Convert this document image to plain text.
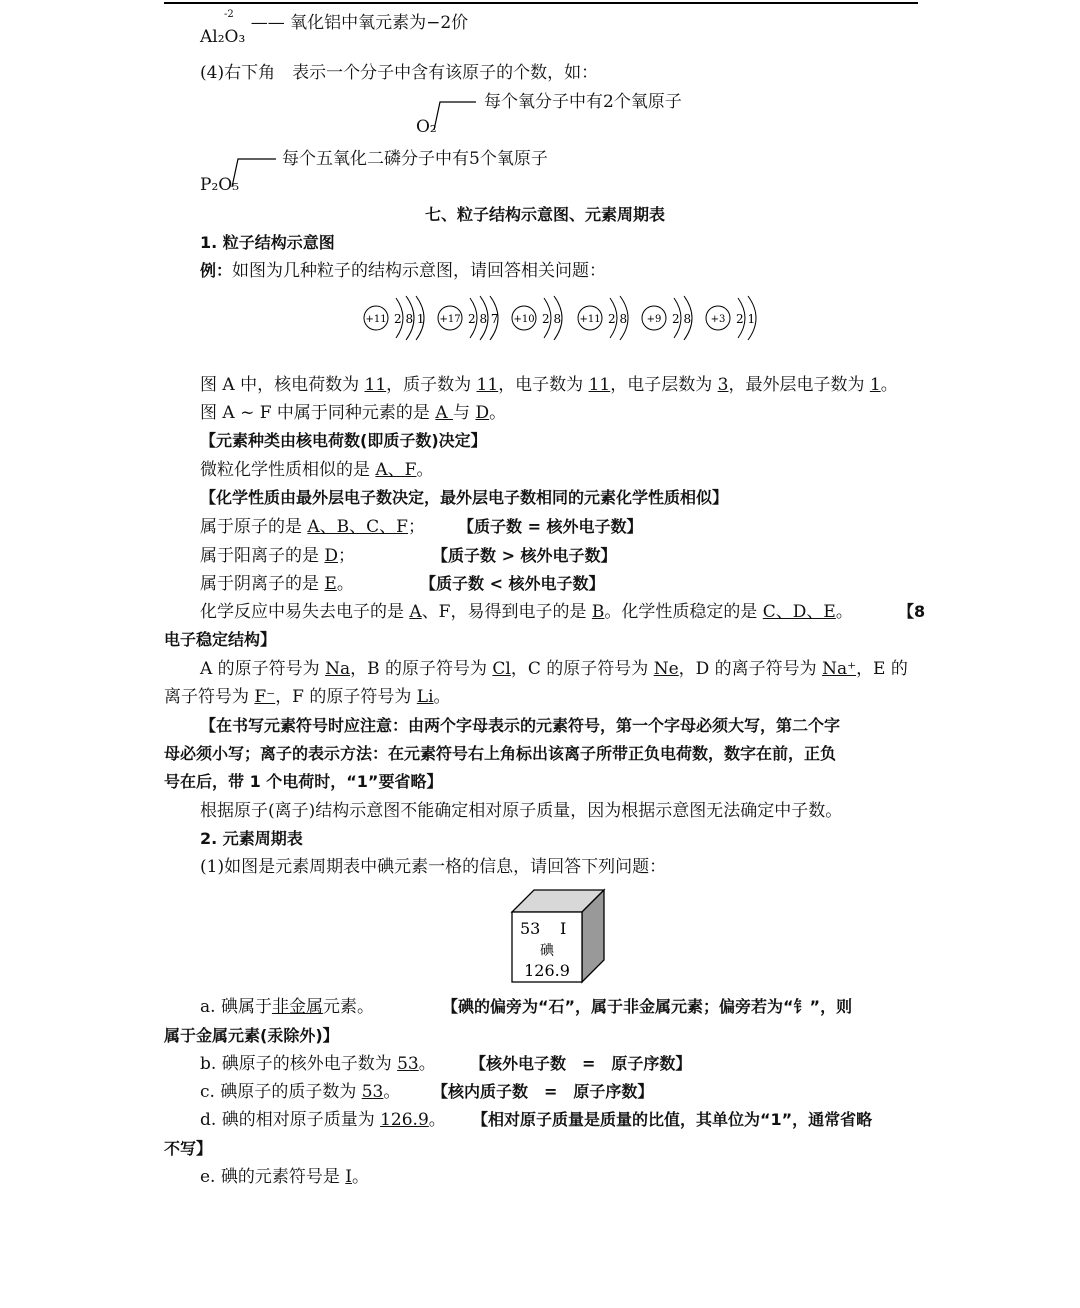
-2
Al₂O₃ —— 氧化铝中氧元素为−2价
(4)右下角　表示一个分子中含有该原子的个数，如：
O₂
每个氧分子中有2个氧原子
P₂O₅
每个五氧化二磷分子中有5个氧原子
七、粒子结构示意图、元素周期表
1. 粒子结构示意图
例：如图为几种粒子的结构示意图，请回答相关问题：
+11 2 8 1 +17 2 8 7 +10 2 8 +11 2 8 +9 2 8 +3 2 1
图 A 中，核电荷数为 11，质子数为 11，电子数为 11，电子层数为 3，最外层电子数为 1。
图 A ~ F 中属于同种元素的是 A 与 D。
【元素种类由核电荷数(即质子数)决定】
微粒化学性质相似的是 A、F。
【化学性质由最外层电子数决定，最外层电子数相同的元素化学性质相似】
属于原子的是 A、B、C、F； 【质子数 = 核外电子数】
属于阳离子的是 D；	【质子数 > 核外电子数】
属于阴离子的是 E。	【质子数 < 核外电子数】
化学反应中易失去电子的是 A、F，易得到电子的是 B。化学性质稳定的是 C、D、E。　 【8
电子稳定结构】
A 的原子符号为 Na，B 的原子符号为 Cl，C 的原子符号为 Ne，D 的离子符号为 Na⁺，E 的
离子符号为 F⁻，F 的原子符号为 Li。
【在书写元素符号时应注意：由两个字母表示的元素符号，第一个字母必须大写，第二个字
母必须小写；离子的表示方法：在元素符号右上角标出该离子所带正负电荷数，数字在前，正负
号在后，带 1 个电荷时，“1”要省略】
根据原子(离子)结构示意图不能确定相对原子质量，因为根据示意图无法确定中子数。
2. 元素周期表
(1)如图是元素周期表中碘元素一格的信息，请回答下列问题：
53 I
碘
126.9
a. 碘属于非金属元素。	【碘的偏旁为“石”，属于非金属元素；偏旁若为“钅”，则
属于金属元素(汞除外)】
b. 碘原子的核外电子数为 53。 【核外电子数　=　原子序数】
c. 碘原子的质子数为 53。 【核内质子数　=　原子序数】
d. 碘的相对原子质量为 126.9。 【相对原子质量是质量的比值，其单位为“1”，通常省略
不写】
e. 碘的元素符号是 I。
